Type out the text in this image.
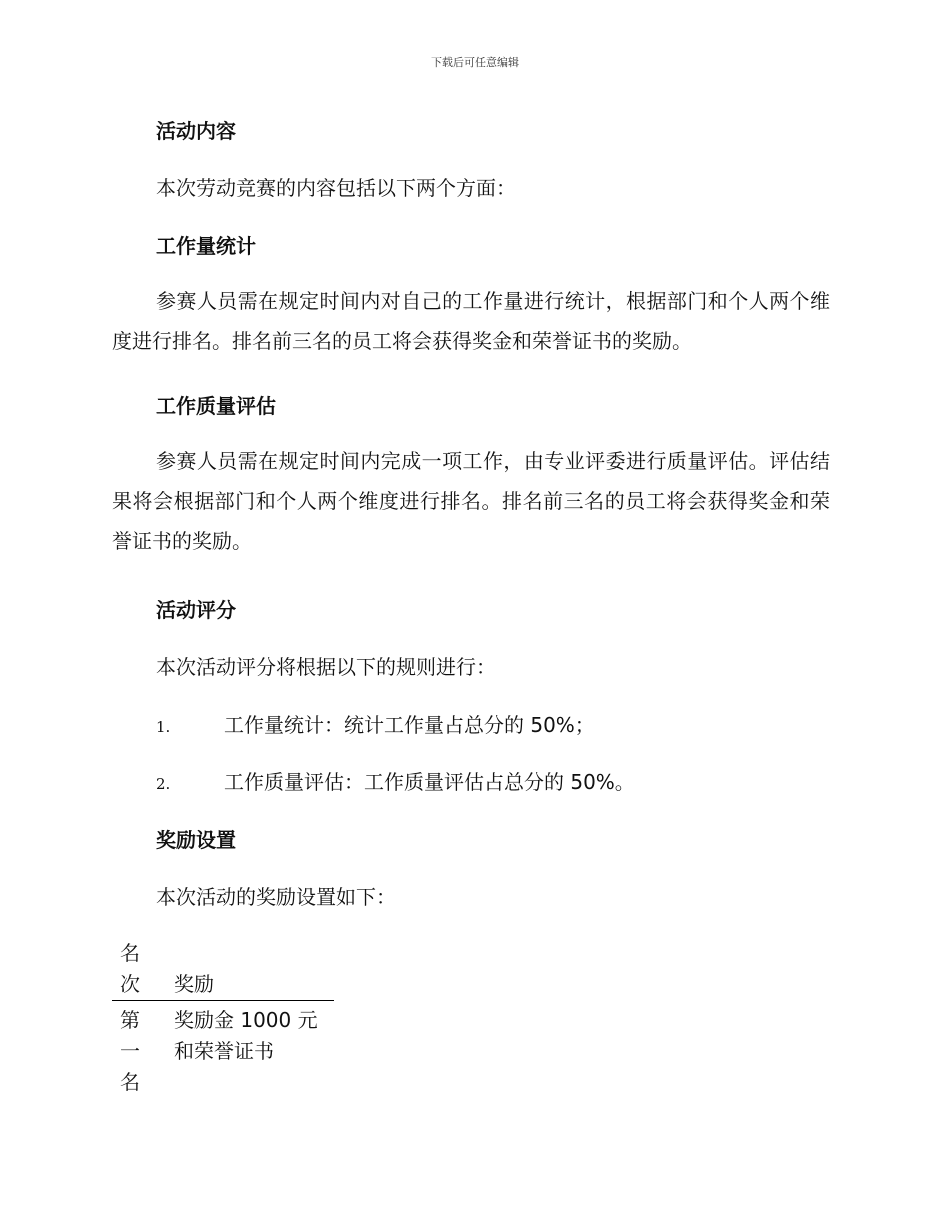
下载后可任意编辑
活动内容
本次劳动竞赛的内容包括以下两个方面：
工作量统计
参赛人员需在规定时间内对自己的工作量进行统计，根据部门和个人两个维度进行排名。排名前三名的员工将会获得奖金和荣誉证书的奖励。
工作质量评估
参赛人员需在规定时间内完成一项工作，由专业评委进行质量评估。评估结果将会根据部门和个人两个维度进行排名。排名前三名的员工将会获得奖金和荣誉证书的奖励。
活动评分
本次活动评分将根据以下的规则进行：
1.	工作量统计：统计工作量占总分的 50%；
2.	工作质量评估：工作质量评估占总分的 50%。
奖励设置
本次活动的奖励设置如下：
名次	奖励
第一名	奖励金 1000 元和荣誉证书
